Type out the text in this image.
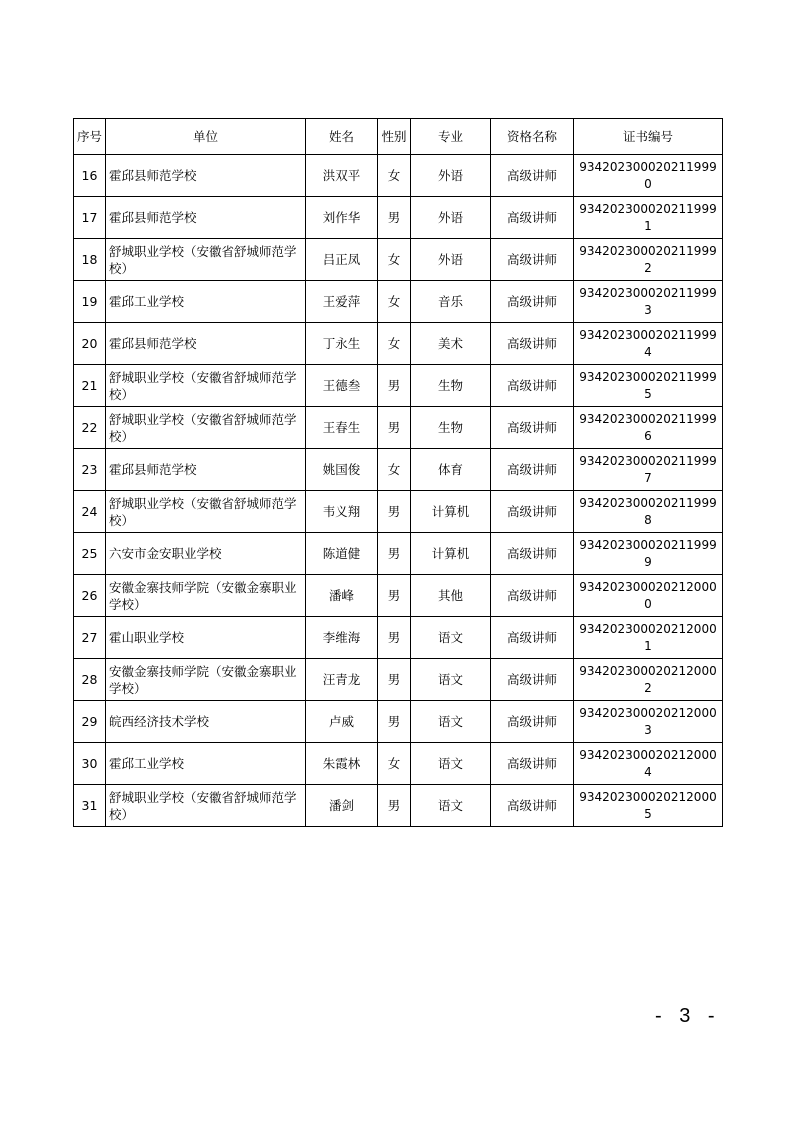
序号	单位	姓名	性别	专业	资格名称	证书编号
16	霍邱县师范学校	洪双平	女	外语	高级讲师	934202300020211999 0
17	霍邱县师范学校	刘作华	男	外语	高级讲师	934202300020211999 1
18	舒城职业学校（安徽省舒城师范学校）	吕正凤	女	外语	高级讲师	934202300020211999 2
19	霍邱工业学校	王爱萍	女	音乐	高级讲师	934202300020211999 3
20	霍邱县师范学校	丁永生	女	美术	高级讲师	934202300020211999 4
21	舒城职业学校（安徽省舒城师范学校）	王德叁	男	生物	高级讲师	934202300020211999 5
22	舒城职业学校（安徽省舒城师范学校）	王春生	男	生物	高级讲师	934202300020211999 6
23	霍邱县师范学校	姚国俊	女	体育	高级讲师	934202300020211999 7
24	舒城职业学校（安徽省舒城师范学校）	韦义翔	男	计算机	高级讲师	934202300020211999 8
25	六安市金安职业学校	陈道健	男	计算机	高级讲师	934202300020211999 9
26	安徽金寨技师学院（安徽金寨职业学校）	潘峰	男	其他	高级讲师	934202300020212000 0
27	霍山职业学校	李维海	男	语文	高级讲师	934202300020212000 1
28	安徽金寨技师学院（安徽金寨职业学校）	汪青龙	男	语文	高级讲师	934202300020212000 2
29	皖西经济技术学校	卢威	男	语文	高级讲师	934202300020212000 3
30	霍邱工业学校	朱霞林	女	语文	高级讲师	934202300020212000 4
31	舒城职业学校（安徽省舒城师范学校）	潘剑	男	语文	高级讲师	934202300020212000 5
- 3 -
